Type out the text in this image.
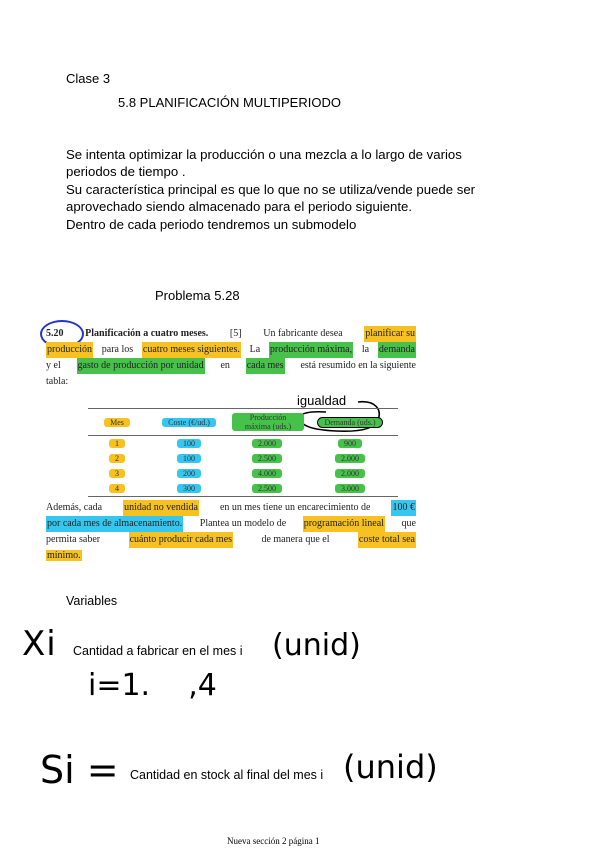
Clase 3
5.8 PLANIFICACIÓN MULTIPERIODO
Se intenta optimizar la producción o una mezcla a lo largo de varios
periodos de tiempo .
Su característica principal es que lo que no se utiliza/vende puede ser
aprovechado siendo almacenado para el periodo siguiente.
Dentro de cada periodo tendremos un submodelo
Problema 5.28
5.20 Planificación a cuatro meses. [5] Un fabricante desea planificar su
producción para los cuatro meses siguientes. La producción máxima, la demanda
y el gasto de producción por unidad en cada mes está resumido en la siguiente
tabla:
igualdad
Mes	Coste (€/ud.)	Producción máxima (uds.)	Demanda (uds.)
1	100	2.000	900
2	100	2.500	2.000
3	200	4.000	2.000
4	300	2.500	3.000
Además, cada unidad no vendida en un mes tiene un encarecimiento de 100 €
por cada mes de almacenamiento. Plantea un modelo de programación lineal que
permita saber	cuánto producir cada mes	de manera que el	coste total sea
mínimo.
Variables
Xi Cantidad a fabricar en el mes i (unid)
i=1.    ,4
Si = Cantidad en stock al final del mes i (unid)
Nueva sección 2 página 1
